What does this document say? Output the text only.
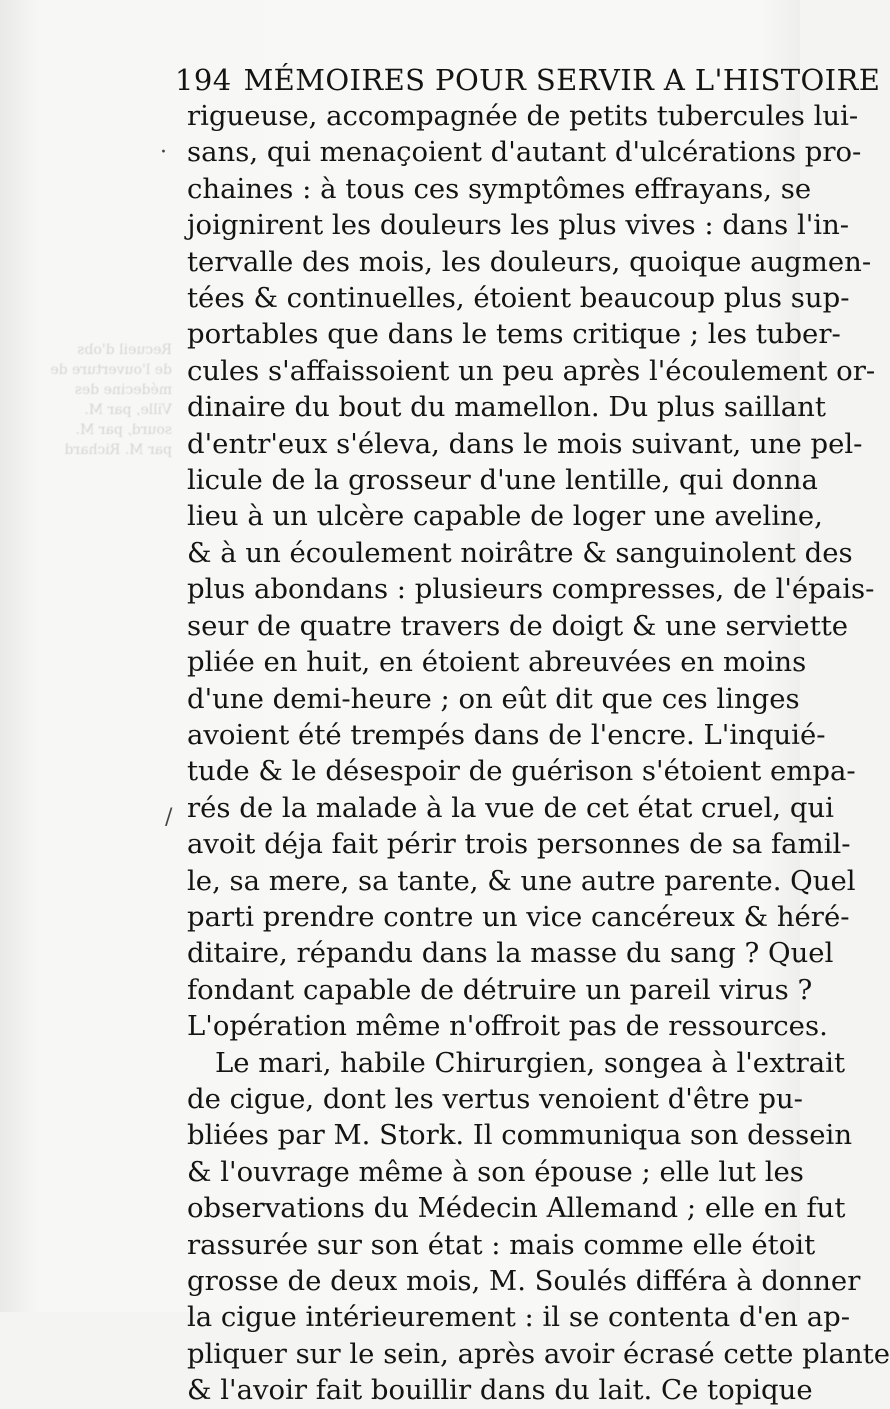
Recueil d'obs
de l'ouverture de
médecine des
Ville, par M.
sourd, par M.
par M. Richard
194 MÉMOIRES POUR SERVIR A L'HISTOIRE
rigueuse, accompagnée de petits tubercules lui-
sans, qui menaçoient d'autant d'ulcérations pro-
chaines : à tous ces symptômes effrayans, se
joignirent les douleurs les plus vives : dans l'in-
tervalle des mois, les douleurs, quoique augmen-
tées & continuelles, étoient beaucoup plus sup-
portables que dans le tems critique ; les tuber-
cules s'affaissoient un peu après l'écoulement or-
dinaire du bout du mamellon. Du plus saillant
d'entr'eux s'éleva, dans le mois suivant, une pel-
licule de la grosseur d'une lentille, qui donna
lieu à un ulcère capable de loger une aveline,
& à un écoulement noirâtre & sanguinolent des
plus abondans : plusieurs compresses, de l'épais-
seur de quatre travers de doigt & une serviette
pliée en huit, en étoient abreuvées en moins
d'une demi-heure ; on eût dit que ces linges
avoient été trempés dans de l'encre. L'inquié-
tude & le désespoir de guérison s'étoient empa-
rés de la malade à la vue de cet état cruel, qui
avoit déja fait périr trois personnes de sa famil-
le, sa mere, sa tante, & une autre parente. Quel
parti prendre contre un vice cancéreux & héré-
ditaire, répandu dans la masse du sang ? Quel
fondant capable de détruire un pareil virus ?
L'opération même n'offroit pas de ressources.
Le mari, habile Chirurgien, songea à l'extrait
de cigue, dont les vertus venoient d'être pu-
bliées par M. Stork. Il communiqua son dessein
& l'ouvrage même à son épouse ; elle lut les
observations du Médecin Allemand ; elle en fut
rassurée sur son état : mais comme elle étoit
grosse de deux mois, M. Soulés différa à donner
la cigue intérieurement : il se contenta d'en ap-
pliquer sur le sein, après avoir écrasé cette plante
& l'avoir fait bouillir dans du lait. Ce topique
·
/
